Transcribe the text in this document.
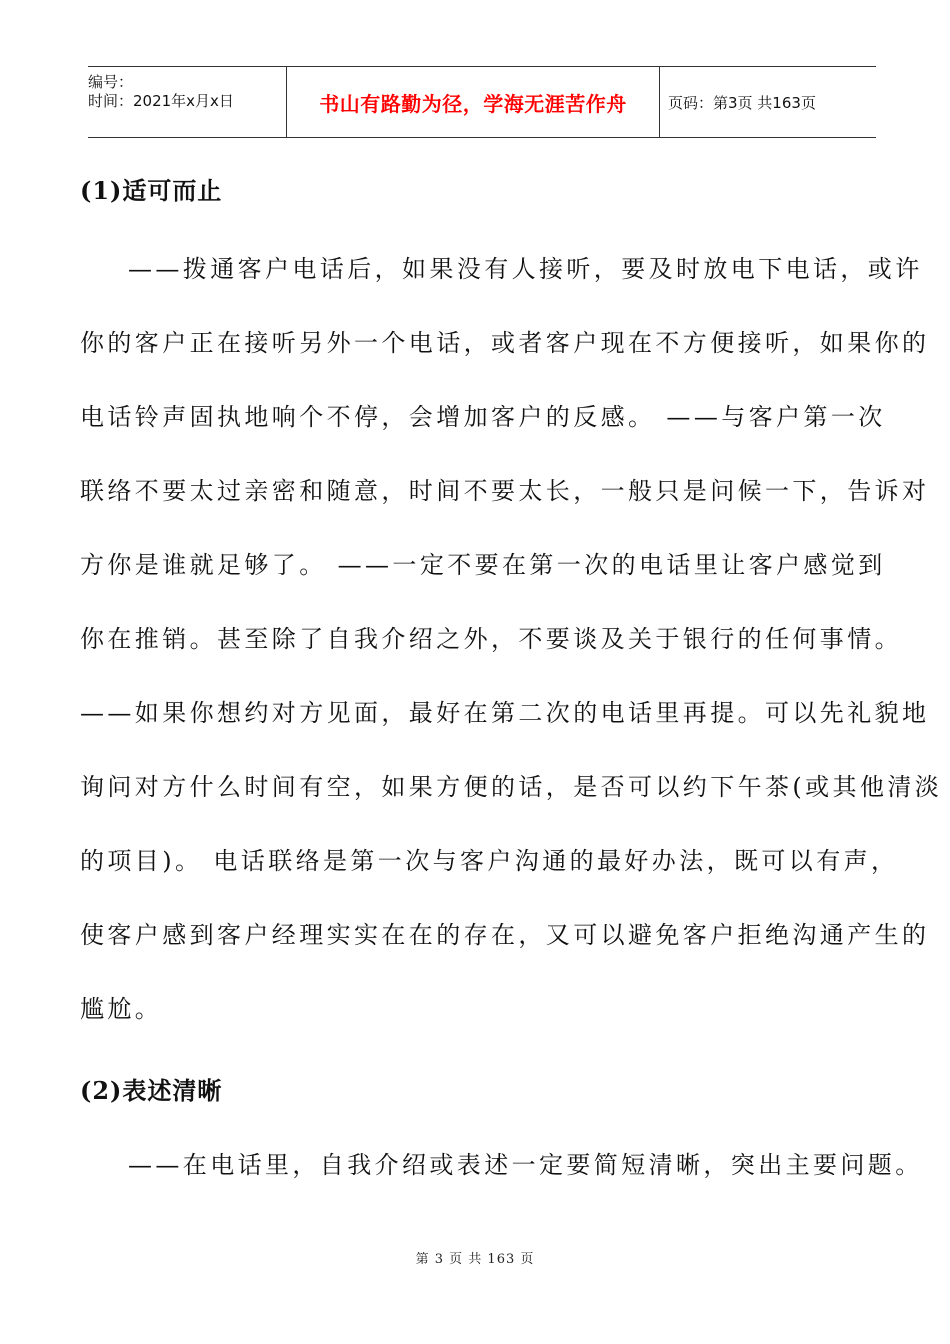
编号：
时间：2021年x月x日	书山有路勤为径，学海无涯苦作舟	页码：第3页 共163页
(1)适可而止
——拨通客户电话后，如果没有人接听，要及时放电下电话，或许
你的客户正在接听另外一个电话，或者客户现在不方便接听，如果你的
电话铃声固执地响个不停，会增加客户的反感。 ——与客户第一次
联络不要太过亲密和随意，时间不要太长，一般只是问候一下，告诉对
方你是谁就足够了。 ——一定不要在第一次的电话里让客户感觉到
你在推销。甚至除了自我介绍之外，不要谈及关于银行的任何事情。
——如果你想约对方见面，最好在第二次的电话里再提。可以先礼貌地
询问对方什么时间有空，如果方便的话，是否可以约下午茶(或其他清淡
的项目)。 电话联络是第一次与客户沟通的最好办法，既可以有声，
使客户感到客户经理实实在在的存在，又可以避免客户拒绝沟通产生的
尴尬。
(2)表述清晰
——在电话里，自我介绍或表述一定要简短清晰，突出主要问题。
第 3 页 共 163 页
